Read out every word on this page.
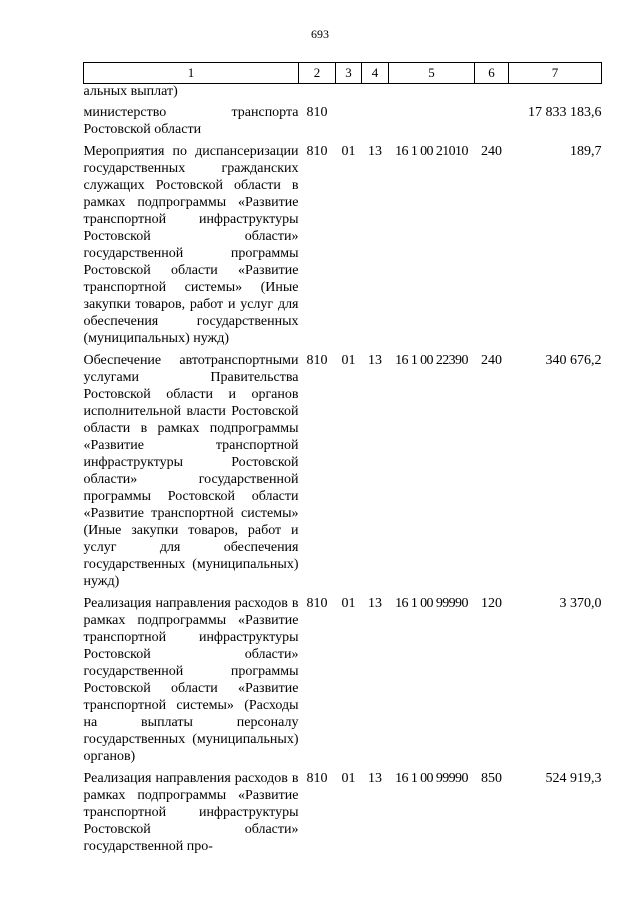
693
1	2	3	4	5	6	7
альных выплат)						

министерство транспорта Ростовской области	810					17 833 183,6

Мероприятия по диспансеризации государственных гражданских служащих Ростовской области в рамках подпрограммы «Развитие транспортной инфраструктуры Ростовской области» государственной программы Ростовской области «Развитие транспортной системы» (Иные закупки товаров, работ и услуг для обеспечения государственных (муниципальных) нужд)	810	01	13	16 1 00 21010	240	189,7

Обеспечение автотранспортными услугами Правительства Ростовской области и органов исполнительной власти Ростовской области в рамках подпрограммы «Развитие транспортной инфраструктуры Ростовской области» государственной программы Ростовской области «Развитие транспортной системы» (Иные закупки товаров, работ и услуг для обеспечения государственных (муниципальных) нужд)	810	01	13	16 1 00 22390	240	340 676,2

Реализация направления расходов в рамках подпрограммы «Развитие транспортной инфраструктуры Ростовской области» государственной программы Ростовской области «Развитие транспортной системы» (Расходы на выплаты персоналу государственных (муниципальных) органов)	810	01	13	16 1 00 99990	120	3 370,0

Реализация направления расходов в рамках подпрограммы «Развитие транспортной инфраструктуры Ростовской области» государственной про-	810	01	13	16 1 00 99990	850	524 919,3
